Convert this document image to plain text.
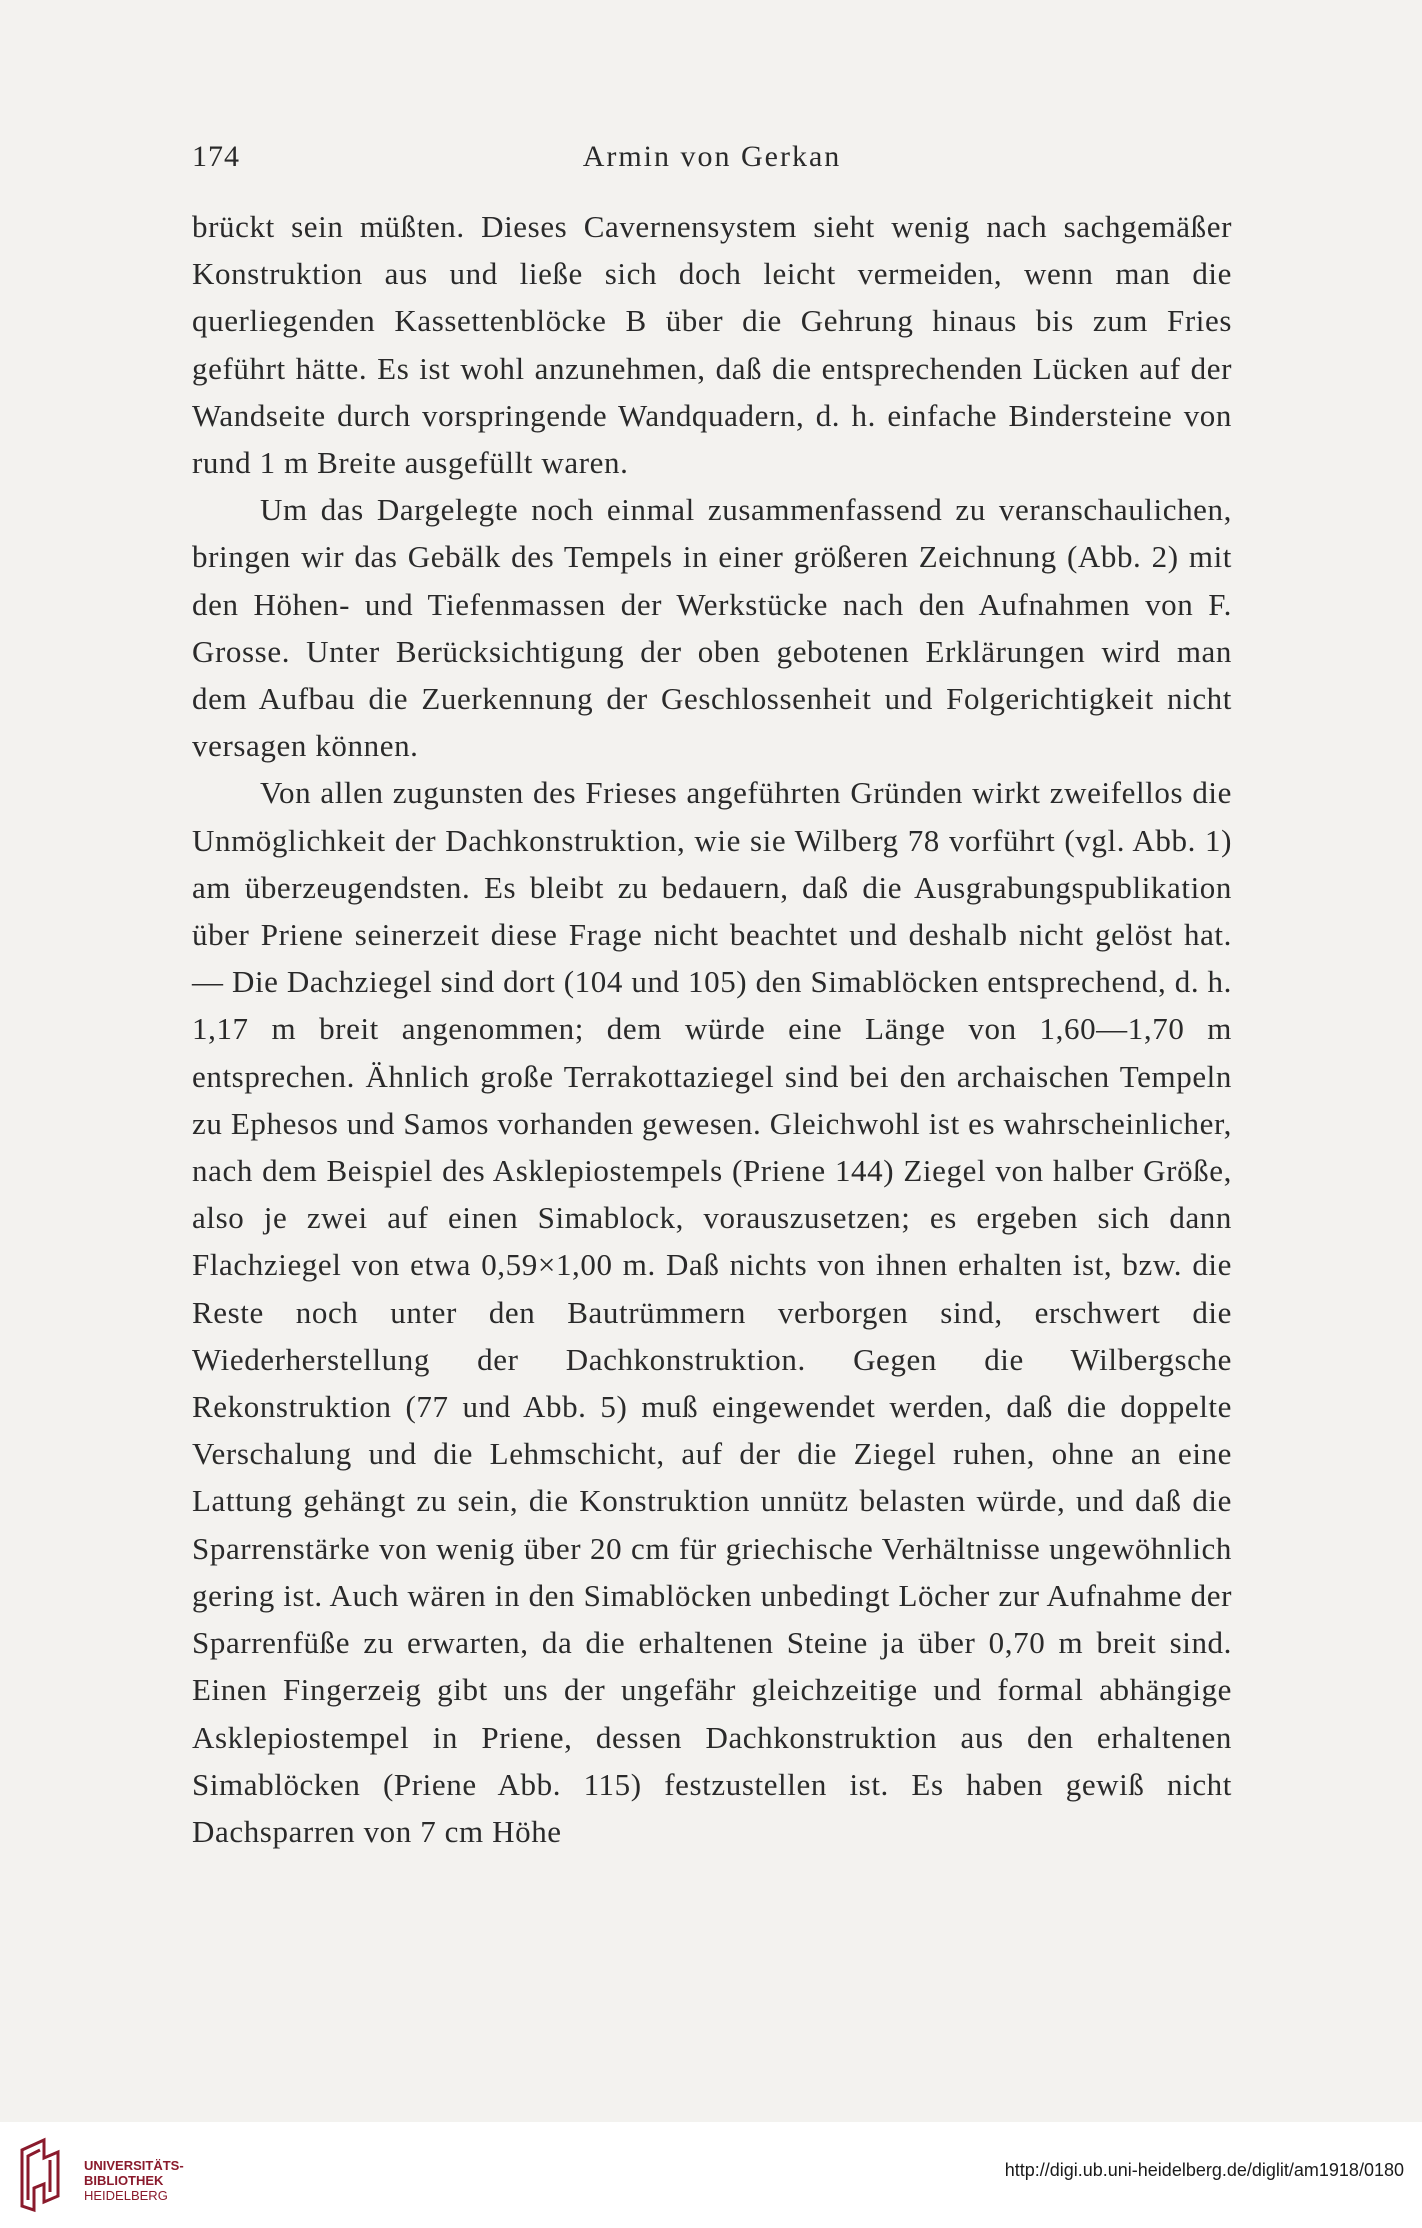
174	Armin von Gerkan

brückt sein müßten. Dieses Cavernensystem sieht wenig nach sachgemäßer Konstruktion aus und ließe sich doch leicht vermeiden, wenn man die querliegenden Kassettenblöcke B über die Gehrung hinaus bis zum Fries geführt hätte. Es ist wohl anzunehmen, daß die entsprechenden Lücken auf der Wandseite durch vorspringende Wandquadern, d. h. einfache Bindersteine von rund 1 m Breite ausgefüllt waren.

Um das Dargelegte noch einmal zusammenfassend zu veranschaulichen, bringen wir das Gebälk des Tempels in einer größeren Zeichnung (Abb. 2) mit den Höhen- und Tiefenmassen der Werkstücke nach den Aufnahmen von F. Grosse. Unter Berücksichtigung der oben gebotenen Erklärungen wird man dem Aufbau die Zuerkennung der Geschlossenheit und Folgerichtigkeit nicht versagen können.

Von allen zugunsten des Frieses angeführten Gründen wirkt zweifellos die Unmöglichkeit der Dachkonstruktion, wie sie Wilberg 78 vorführt (vgl. Abb. 1) am überzeugendsten. Es bleibt zu bedauern, daß die Ausgrabungspublikation über Priene seinerzeit diese Frage nicht beachtet und deshalb nicht gelöst hat. — Die Dachziegel sind dort (104 und 105) den Simablöcken entsprechend, d. h. 1,17 m breit angenommen; dem würde eine Länge von 1,60—1,70 m entsprechen. Ähnlich große Terrakottaziegel sind bei den archaischen Tempeln zu Ephesos und Samos vorhanden gewesen. Gleichwohl ist es wahrscheinlicher, nach dem Beispiel des Asklepiostempels (Priene 144) Ziegel von halber Größe, also je zwei auf einen Simablock, vorauszusetzen; es ergeben sich dann Flachziegel von etwa 0,59×1,00 m. Daß nichts von ihnen erhalten ist, bzw. die Reste noch unter den Bautrümmern verborgen sind, erschwert die Wiederherstellung der Dachkonstruktion. Gegen die Wilbergsche Rekonstruktion (77 und Abb. 5) muß eingewendet werden, daß die doppelte Verschalung und die Lehmschicht, auf der die Ziegel ruhen, ohne an eine Lattung gehängt zu sein, die Konstruktion unnütz belasten würde, und daß die Sparrenstärke von wenig über 20 cm für griechische Verhältnisse ungewöhnlich gering ist. Auch wären in den Simablöcken unbedingt Löcher zur Aufnahme der Sparrenfüße zu erwarten, da die erhaltenen Steine ja über 0,70 m breit sind. Einen Fingerzeig gibt uns der ungefähr gleichzeitige und formal abhängige Asklepiostempel in Priene, dessen Dachkonstruktion aus den erhaltenen Simablöcken (Priene Abb. 115) festzustellen ist. Es haben gewiß nicht Dachsparren von 7 cm Höhe

UNIVERSITÄTS-
BIBLIOTHEK
HEIDELBERG
http://digi.ub.uni-heidelberg.de/diglit/am1918/0180
